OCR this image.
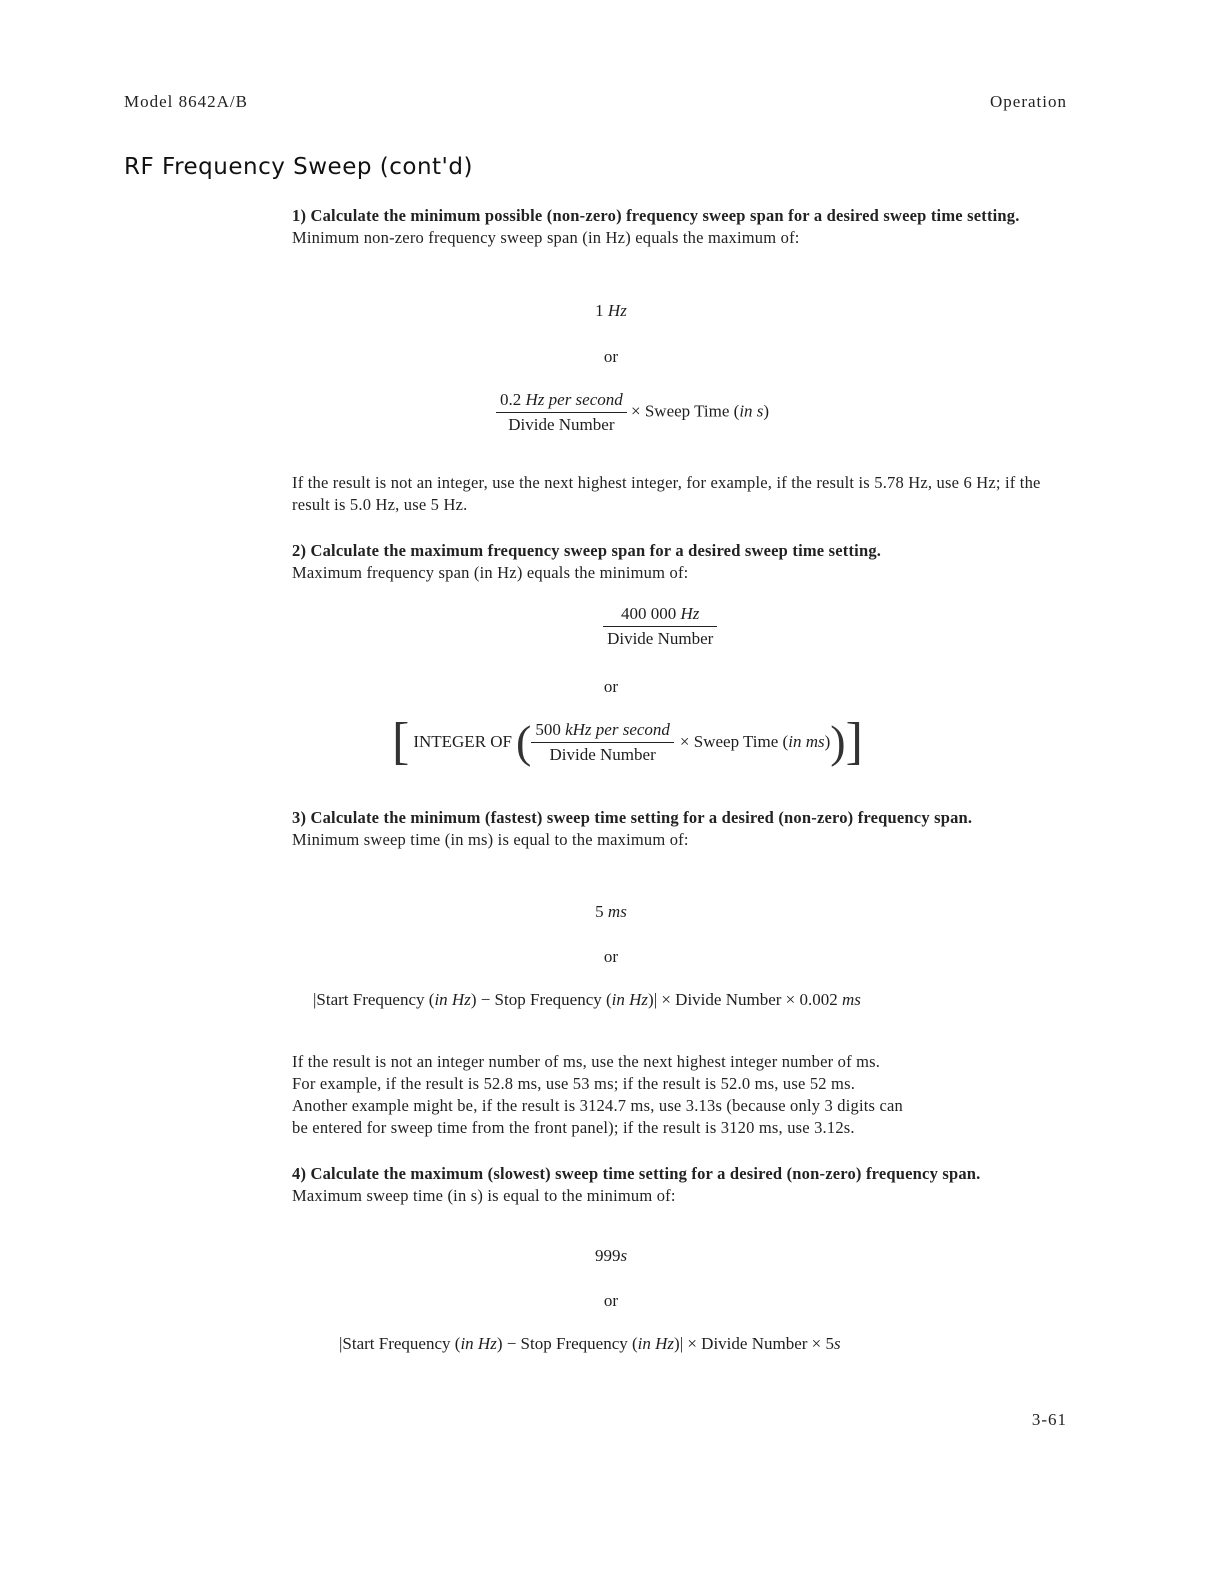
Model 8642A/B	Operation
RF Frequency Sweep (cont'd)
1) Calculate the minimum possible (non-zero) frequency sweep span for a desired sweep time setting.
Minimum non-zero frequency sweep span (in Hz) equals the maximum of:
1 Hz
or
$\frac{\text{0.2 Hz per second}}{\text{Divide Number}}$ × Sweep Time (in s)
If the result is not an integer, use the next highest integer, for example, if the result is 5.78 Hz, use 6 Hz; if the result is 5.0 Hz, use 5 Hz.
2) Calculate the maximum frequency sweep span for a desired sweep time setting.
Maximum frequency span (in Hz) equals the minimum of:
$\frac{400 000 Hz}{\text{Divide Number}}$
or
[ INTEGER OF ( $\frac{\text{500 kHz per second}}{\text{Divide Number}}$ × Sweep Time (in ms) ) ]
3) Calculate the minimum (fastest) sweep time setting for a desired (non-zero) frequency span.
Minimum sweep time (in ms) is equal to the maximum of:
5 ms
or
|Start Frequency (in Hz) − Stop Frequency (in Hz)| × Divide Number × 0.002 ms
If the result is not an integer number of ms, use the next highest integer number of ms.
For example, if the result is 52.8 ms, use 53 ms; if the result is 52.0 ms, use 52 ms.
Another example might be, if the result is 3124.7 ms, use 3.13s (because only 3 digits can
be entered for sweep time from the front panel); if the result is 3120 ms, use 3.12s.
4) Calculate the maximum (slowest) sweep time setting for a desired (non-zero) frequency span.
Maximum sweep time (in s) is equal to the minimum of:
999s
or
|Start Frequency (in Hz) − Stop Frequency (in Hz)| × Divide Number × 5s
3-61
